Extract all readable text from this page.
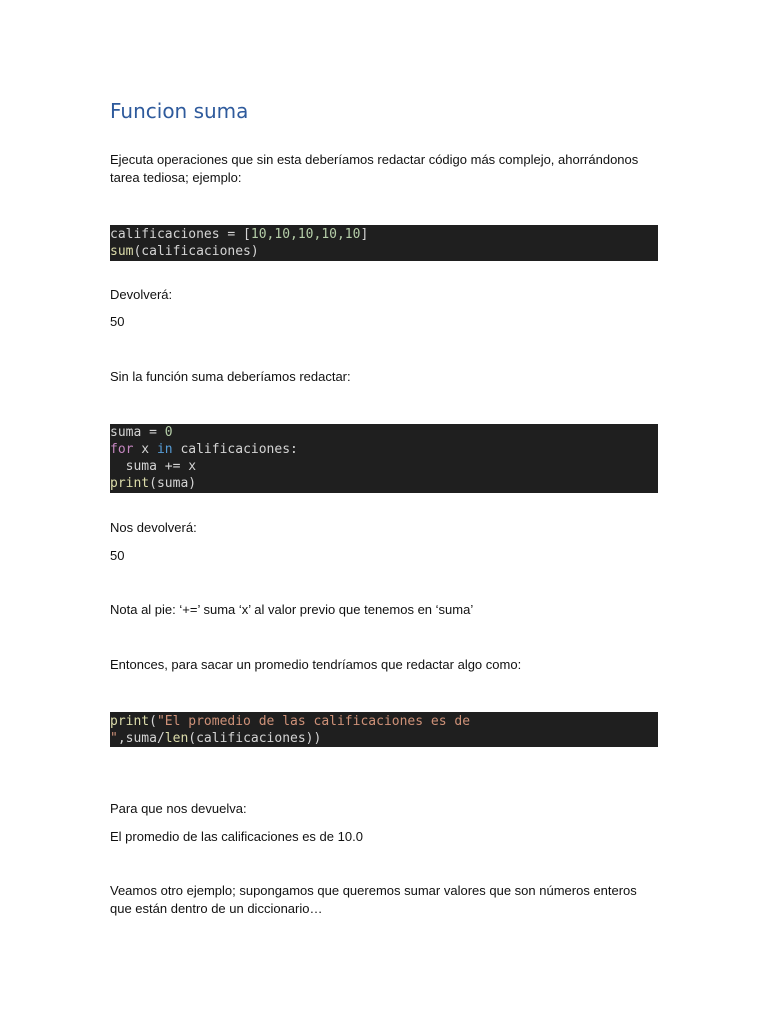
Funcion suma

Ejecuta operaciones que sin esta deberíamos redactar código más complejo, ahorrándonos tarea tediosa; ejemplo:

calificaciones = [10,10,10,10,10]
sum(calificaciones)

Devolverá:

50

Sin la función suma deberíamos redactar:

suma = 0
for x in calificaciones:
suma += x
print(suma)

Nos devolverá:

50

Nota al pie: ‘+=’ suma ‘x’ al valor previo que tenemos en ‘suma’

Entonces, para sacar un promedio tendríamos que redactar algo como:

print("El promedio de las calificaciones es de
",suma/len(calificaciones))

Para que nos devuelva:

El promedio de las calificaciones es de 10.0

Veamos otro ejemplo; supongamos que queremos sumar valores que son números enteros que están dentro de un diccionario…
